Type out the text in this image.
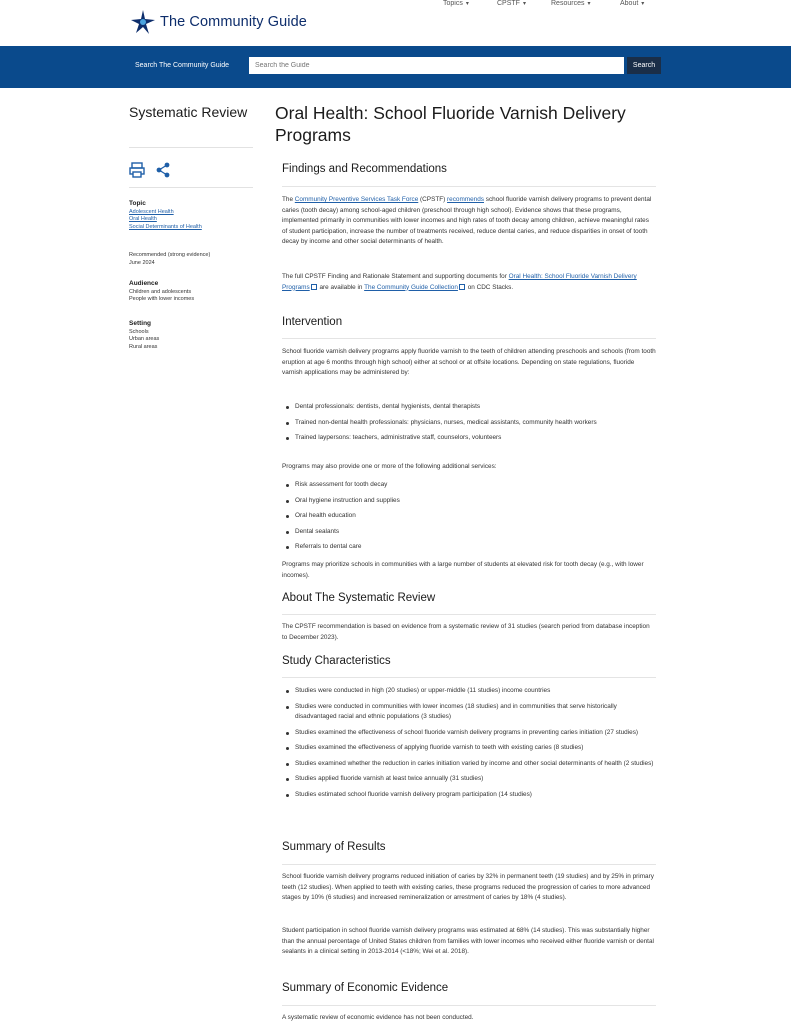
The Community Guide
Topics ▾	CPSTF ▾	Resources ▾	About ▾
Search The Community Guide
Search the Guide	Search
Systematic Review
Topic
Adolescent Health
Oral Health
Social Determinants of Health
Recommended (strong evidence)
June 2024
Audience
Children and adolescents
People with lower incomes
Setting
Schools
Urban areas
Rural areas
Oral Health: School Fluoride Varnish Delivery Programs
Findings and Recommendations
The Community Preventive Services Task Force (CPSTF) recommends school fluoride varnish delivery programs to prevent dental caries (tooth decay) among school-aged children (preschool through high school). Evidence shows that these programs, implemented primarily in communities with lower incomes and high rates of tooth decay among children, achieve meaningful rates of student participation, increase the number of treatments received, reduce dental caries, and reduce disparities in onset of tooth decay by income and other social determinants of health.
The full CPSTF Finding and Rationale Statement and supporting documents for Oral Health: School Fluoride Varnish Delivery Programs are available in The Community Guide Collection on CDC Stacks.
Intervention
School fluoride varnish delivery programs apply fluoride varnish to the teeth of children attending preschools and schools (from tooth eruption at age 6 months through high school) either at school or at offsite locations. Depending on state regulations, fluoride varnish applications may be administered by:
Dental professionals: dentists, dental hygienists, dental therapists
Trained non-dental health professionals: physicians, nurses, medical assistants, community health workers
Trained laypersons: teachers, administrative staff, counselors, volunteers
Programs may also provide one or more of the following additional services:
Risk assessment for tooth decay
Oral hygiene instruction and supplies
Oral health education
Dental sealants
Referrals to dental care
Programs may prioritize schools in communities with a large number of students at elevated risk for tooth decay (e.g., with lower incomes).
About The Systematic Review
The CPSTF recommendation is based on evidence from a systematic review of 31 studies (search period from database inception to December 2023).
Study Characteristics
Studies were conducted in high (20 studies) or upper-middle (11 studies) income countries
Studies were conducted in communities with lower incomes (18 studies) and in communities that serve historically disadvantaged racial and ethnic populations (3 studies)
Studies examined the effectiveness of school fluoride varnish delivery programs in preventing caries initiation (27 studies)
Studies examined the effectiveness of applying fluoride varnish to teeth with existing caries (8 studies)
Studies examined whether the reduction in caries initiation varied by income and other social determinants of health (2 studies)
Studies applied fluoride varnish at least twice annually (31 studies)
Studies estimated school fluoride varnish delivery program participation (14 studies)
Summary of Results
School fluoride varnish delivery programs reduced initiation of caries by 32% in permanent teeth (19 studies) and by 25% in primary teeth (12 studies). When applied to teeth with existing caries, these programs reduced the progression of caries to more advanced stages by 10% (6 studies) and increased remineralization or arrestment of caries by 18% (4 studies).
Student participation in school fluoride varnish delivery programs was estimated at 68% (14 studies). This was substantially higher than the annual percentage of United States children from families with lower incomes who received either fluoride varnish or dental sealants in a clinical setting in 2013-2014 (<18%; Wei et al. 2018).
Summary of Economic Evidence
A systematic review of economic evidence has not been conducted.
